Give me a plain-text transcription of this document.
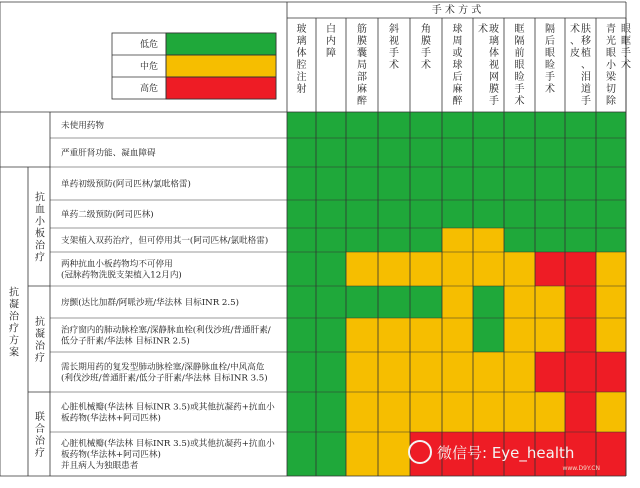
手 术 方 式
玻
璃
体
腔
注
射
白
内
障
筋
膜
囊
局
部
麻
醉
斜
视
手
术
角
膜
手
术
球
周
或
球
后
麻
醉
玻
璃
体
视
网
膜
手
术	眶
隔
前
眼
睑
手
术
隔
后
眼
睑
手
术
肤
移
植
、
泪
道
手
术
、
皮
青
光
眼
小
梁
切
除
眼
眶
手
术
未使用药物
严重肝肾功能、凝血障碍
单药初级预防(阿司匹林/氯吡格雷)
单药二级预防(阿司匹林)
支架植入双药治疗，但可停用其一(阿司匹林/氯吡格雷)
两种抗血小板药物均不可停用
(冠脉药物洗脱支架植入12月内)
房颤(达比加群/阿哌沙班/华法林 目标INR 2.5)
治疗窗内的肺动脉栓塞/深静脉血栓(利伐沙班/普通肝素/
低分子肝素/华法林 目标INR 2.5)
需长期用药的复发型肺动脉栓塞/深静脉血栓/中风高危
(利伐沙班/普通肝素/低分子肝素/华法林 目标INR 3.5)
心脏机械瓣(华法林 目标INR 3.5)或其他抗凝药+抗血小
板药物(华法林+阿司匹林)
心脏机械瓣(华法林 目标INR 3.5)或其他抗凝药+抗血小
板药物(华法林+阿司匹林)
并且病人为独眼患者
抗
凝
治
疗
方
案
抗
血
小
板
治
疗
抗
凝
治
疗
联
合
治
疗
低危
中危
高危
微信号: Eye_health
www.D9Y.CN
